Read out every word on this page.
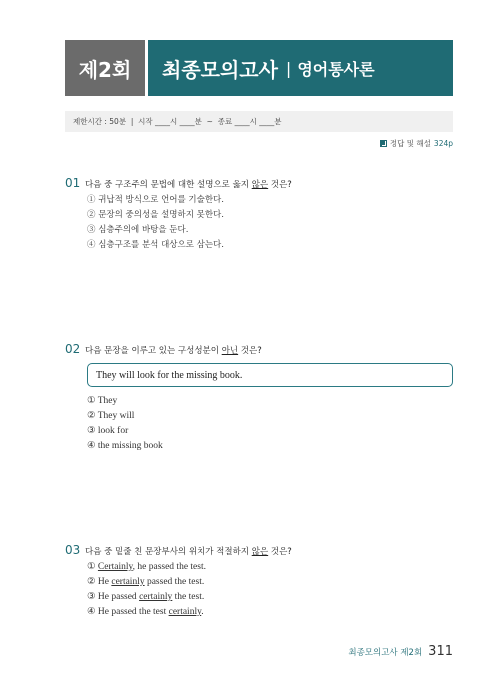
제2회 최종모의고사 | 영어통사론
제한시간 : 50분  |  시작 ____시 ____분  ~  종료 ____시 ____분
정답 및 해설 324p
01 다음 중 구조주의 문법에 대한 설명으로 옳지 않은 것은?
① 귀납적 방식으로 언어를 기술한다.
② 문장의 중의성을 설명하지 못한다.
③ 심층주의에 바탕을 둔다.
④ 심층구조를 분석 대상으로 삼는다.
02 다음 문장을 이루고 있는 구성성분이 아닌 것은?
They will look for the missing book.
① They
② They will
③ look for
④ the missing book
03 다음 중 밑줄 친 문장부사의 위치가 적절하지 않은 것은?
① Certainly, he passed the test.
② He certainly passed the test.
③ He passed certainly the test.
④ He passed the test certainly.
최종모의고사 제2회 311
